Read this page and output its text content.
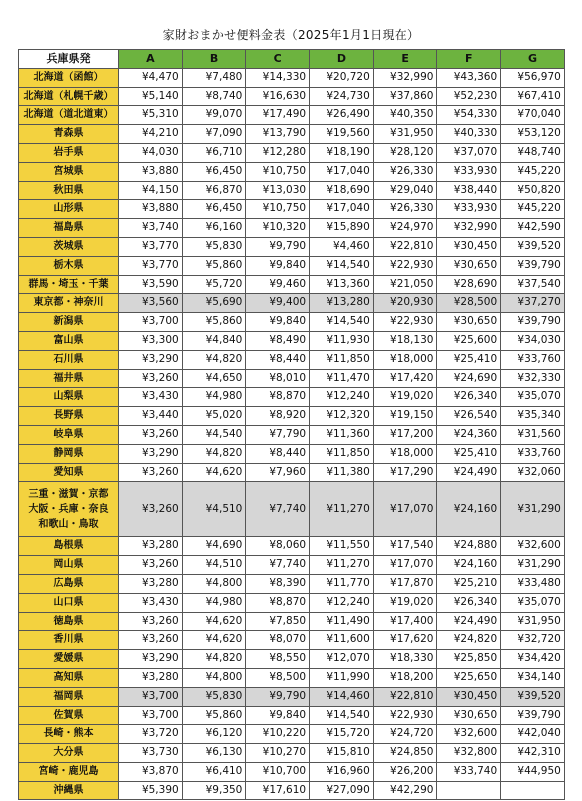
家財おまかせ便料金表（2025年1月1日現在）
兵庫県発	A	B	C	D	E	F	G
北海道（函館）	¥4,470	¥7,480	¥14,330	¥20,720	¥32,990	¥43,360	¥56,970
北海道（札幌千歳）	¥5,140	¥8,740	¥16,630	¥24,730	¥37,860	¥52,230	¥67,410
北海道（道北道東）	¥5,310	¥9,070	¥17,490	¥26,490	¥40,350	¥54,330	¥70,040
青森県	¥4,210	¥7,090	¥13,790	¥19,560	¥31,950	¥40,330	¥53,120
岩手県	¥4,030	¥6,710	¥12,280	¥18,190	¥28,120	¥37,070	¥48,740
宮城県	¥3,880	¥6,450	¥10,750	¥17,040	¥26,330	¥33,930	¥45,220
秋田県	¥4,150	¥6,870	¥13,030	¥18,690	¥29,040	¥38,440	¥50,820
山形県	¥3,880	¥6,450	¥10,750	¥17,040	¥26,330	¥33,930	¥45,220
福島県	¥3,740	¥6,160	¥10,320	¥15,890	¥24,970	¥32,990	¥42,590
茨城県	¥3,770	¥5,830	¥9,790	¥4,460	¥22,810	¥30,450	¥39,520
栃木県	¥3,770	¥5,860	¥9,840	¥14,540	¥22,930	¥30,650	¥39,790
群馬・埼玉・千葉	¥3,590	¥5,720	¥9,460	¥13,360	¥21,050	¥28,690	¥37,540
東京都・神奈川	¥3,560	¥5,690	¥9,400	¥13,280	¥20,930	¥28,500	¥37,270
新潟県	¥3,700	¥5,860	¥9,840	¥14,540	¥22,930	¥30,650	¥39,790
富山県	¥3,300	¥4,840	¥8,490	¥11,930	¥18,130	¥25,600	¥34,030
石川県	¥3,290	¥4,820	¥8,440	¥11,850	¥18,000	¥25,410	¥33,760
福井県	¥3,260	¥4,650	¥8,010	¥11,470	¥17,420	¥24,690	¥32,330
山梨県	¥3,430	¥4,980	¥8,870	¥12,240	¥19,020	¥26,340	¥35,070
長野県	¥3,440	¥5,020	¥8,920	¥12,320	¥19,150	¥26,540	¥35,340
岐阜県	¥3,260	¥4,540	¥7,790	¥11,360	¥17,200	¥24,360	¥31,560
静岡県	¥3,290	¥4,820	¥8,440	¥11,850	¥18,000	¥25,410	¥33,760
愛知県	¥3,260	¥4,620	¥7,960	¥11,380	¥17,290	¥24,490	¥32,060
三重・滋賀・京都 大阪・兵庫・奈良 和歌山・鳥取	¥3,260	¥4,510	¥7,740	¥11,270	¥17,070	¥24,160	¥31,290
島根県	¥3,280	¥4,690	¥8,060	¥11,550	¥17,540	¥24,880	¥32,600
岡山県	¥3,260	¥4,510	¥7,740	¥11,270	¥17,070	¥24,160	¥31,290
広島県	¥3,280	¥4,800	¥8,390	¥11,770	¥17,870	¥25,210	¥33,480
山口県	¥3,430	¥4,980	¥8,870	¥12,240	¥19,020	¥26,340	¥35,070
徳島県	¥3,260	¥4,620	¥7,850	¥11,490	¥17,400	¥24,490	¥31,950
香川県	¥3,260	¥4,620	¥8,070	¥11,600	¥17,620	¥24,820	¥32,720
愛媛県	¥3,290	¥4,820	¥8,550	¥12,070	¥18,330	¥25,850	¥34,420
高知県	¥3,280	¥4,800	¥8,500	¥11,990	¥18,200	¥25,650	¥34,140
福岡県	¥3,700	¥5,830	¥9,790	¥14,460	¥22,810	¥30,450	¥39,520
佐賀県	¥3,700	¥5,860	¥9,840	¥14,540	¥22,930	¥30,650	¥39,790
長崎・熊本	¥3,720	¥6,120	¥10,220	¥15,720	¥24,720	¥32,600	¥42,040
大分県	¥3,730	¥6,130	¥10,270	¥15,810	¥24,850	¥32,800	¥42,310
宮崎・鹿児島	¥3,870	¥6,410	¥10,700	¥16,960	¥26,200	¥33,740	¥44,950
沖縄県	¥5,390	¥9,350	¥17,610	¥27,090	¥42,290		
